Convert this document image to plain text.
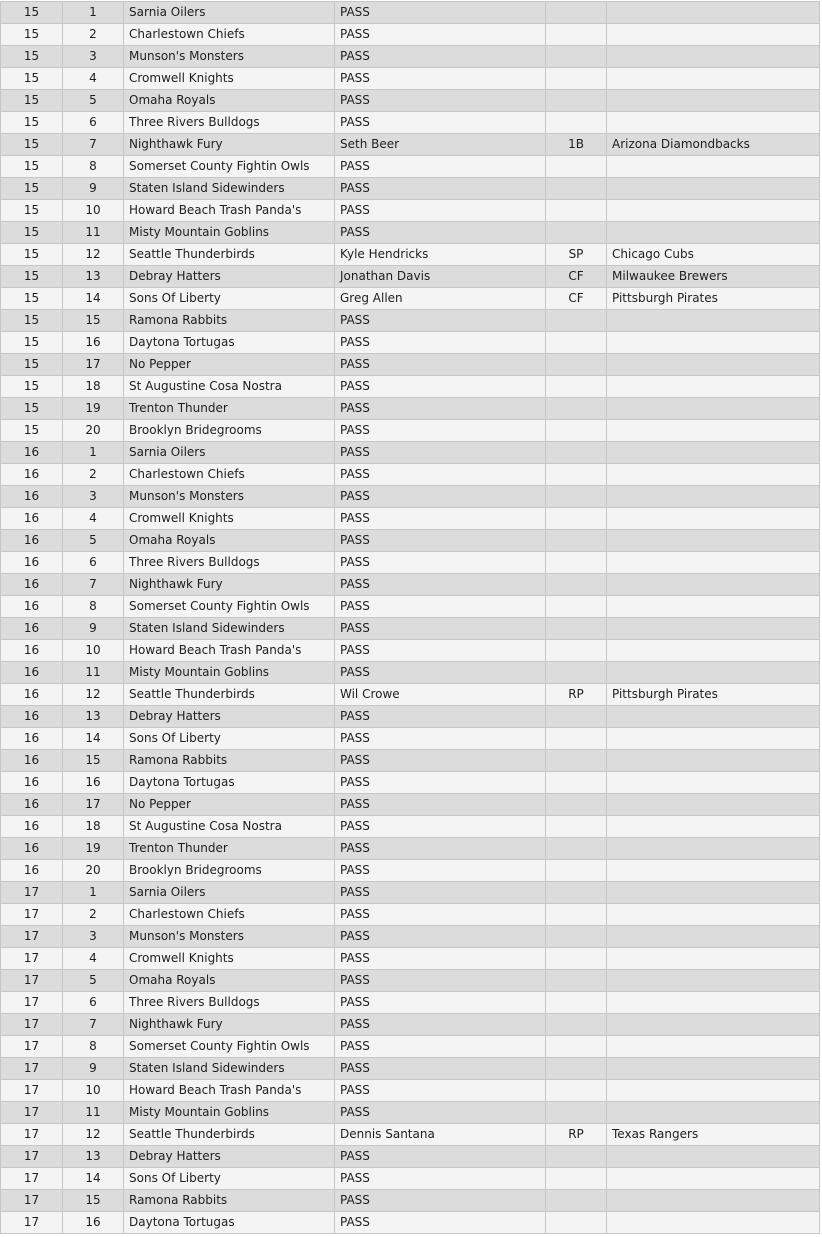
15	1	Sarnia Oilers	PASS		
15	2	Charlestown Chiefs	PASS		
15	3	Munson's Monsters	PASS		
15	4	Cromwell Knights	PASS		
15	5	Omaha Royals	PASS		
15	6	Three Rivers Bulldogs	PASS		
15	7	Nighthawk Fury	Seth Beer	1B	Arizona Diamondbacks
15	8	Somerset County Fightin Owls	PASS		
15	9	Staten Island Sidewinders	PASS		
15	10	Howard Beach Trash Panda's	PASS		
15	11	Misty Mountain Goblins	PASS		
15	12	Seattle Thunderbirds	Kyle Hendricks	SP	Chicago Cubs
15	13	Debray Hatters	Jonathan Davis	CF	Milwaukee Brewers
15	14	Sons Of Liberty	Greg Allen	CF	Pittsburgh Pirates
15	15	Ramona Rabbits	PASS		
15	16	Daytona Tortugas	PASS		
15	17	No Pepper	PASS		
15	18	St Augustine Cosa Nostra	PASS		
15	19	Trenton Thunder	PASS		
15	20	Brooklyn Bridegrooms	PASS		
16	1	Sarnia Oilers	PASS		
16	2	Charlestown Chiefs	PASS		
16	3	Munson's Monsters	PASS		
16	4	Cromwell Knights	PASS		
16	5	Omaha Royals	PASS		
16	6	Three Rivers Bulldogs	PASS		
16	7	Nighthawk Fury	PASS		
16	8	Somerset County Fightin Owls	PASS		
16	9	Staten Island Sidewinders	PASS		
16	10	Howard Beach Trash Panda's	PASS		
16	11	Misty Mountain Goblins	PASS		
16	12	Seattle Thunderbirds	Wil Crowe	RP	Pittsburgh Pirates
16	13	Debray Hatters	PASS		
16	14	Sons Of Liberty	PASS		
16	15	Ramona Rabbits	PASS		
16	16	Daytona Tortugas	PASS		
16	17	No Pepper	PASS		
16	18	St Augustine Cosa Nostra	PASS		
16	19	Trenton Thunder	PASS		
16	20	Brooklyn Bridegrooms	PASS		
17	1	Sarnia Oilers	PASS		
17	2	Charlestown Chiefs	PASS		
17	3	Munson's Monsters	PASS		
17	4	Cromwell Knights	PASS		
17	5	Omaha Royals	PASS		
17	6	Three Rivers Bulldogs	PASS		
17	7	Nighthawk Fury	PASS		
17	8	Somerset County Fightin Owls	PASS		
17	9	Staten Island Sidewinders	PASS		
17	10	Howard Beach Trash Panda's	PASS		
17	11	Misty Mountain Goblins	PASS		
17	12	Seattle Thunderbirds	Dennis Santana	RP	Texas Rangers
17	13	Debray Hatters	PASS		
17	14	Sons Of Liberty	PASS		
17	15	Ramona Rabbits	PASS		
17	16	Daytona Tortugas	PASS		
